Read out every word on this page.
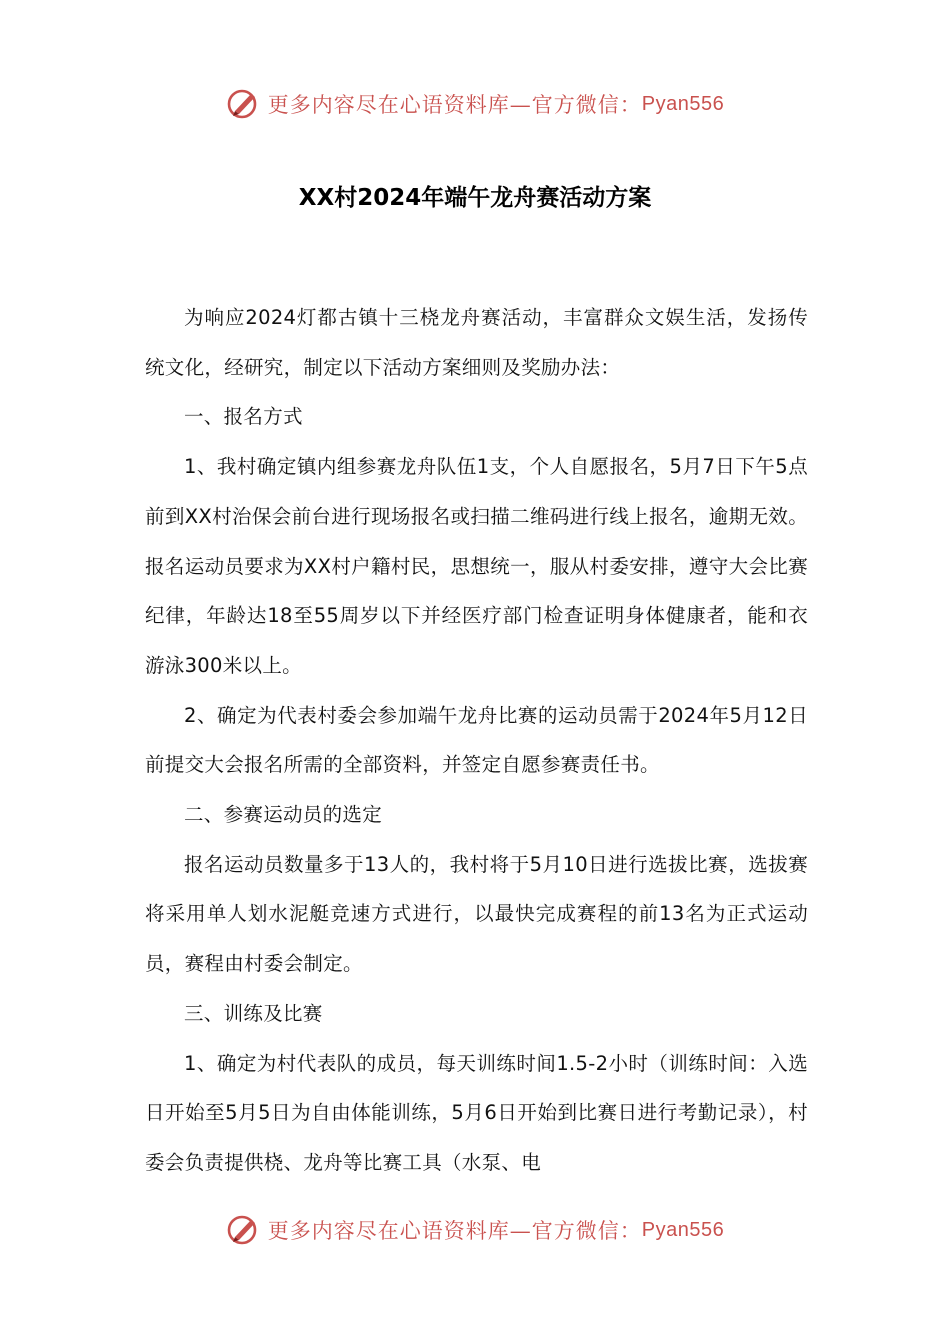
更多内容尽在心语资料库—官方微信： Pyan556
XX村2024年端午龙舟赛活动方案

为响应2024灯都古镇十三桡龙舟赛活动，丰富群众文娱生活，发扬传统文化，经研究，制定以下活动方案细则及奖励办法：

一、报名方式

1、我村确定镇内组参赛龙舟队伍1支，个人自愿报名，5月7日下午5点前到XX村治保会前台进行现场报名或扫描二维码进行线上报名，逾期无效。报名运动员要求为XX村户籍村民，思想统一，服从村委安排，遵守大会比赛纪律，年龄达18至55周岁以下并经医疗部门检查证明身体健康者，能和衣游泳300米以上。

2、确定为代表村委会参加端午龙舟比赛的运动员需于2024年5月12日前提交大会报名所需的全部资料，并签定自愿参赛责任书。

二、参赛运动员的选定

报名运动员数量多于13人的，我村将于5月10日进行选拔比赛，选拔赛将采用单人划水泥艇竞速方式进行，以最快完成赛程的前13名为正式运动员，赛程由村委会制定。

三、训练及比赛

1、确定为村代表队的成员，每天训练时间1.5-2小时（训练时间：入选日开始至5月5日为自由体能训练，5月6日开始到比赛日进行考勤记录），村委会负责提供桡、龙舟等比赛工具（水泵、电

更多内容尽在心语资料库—官方微信： Pyan556
